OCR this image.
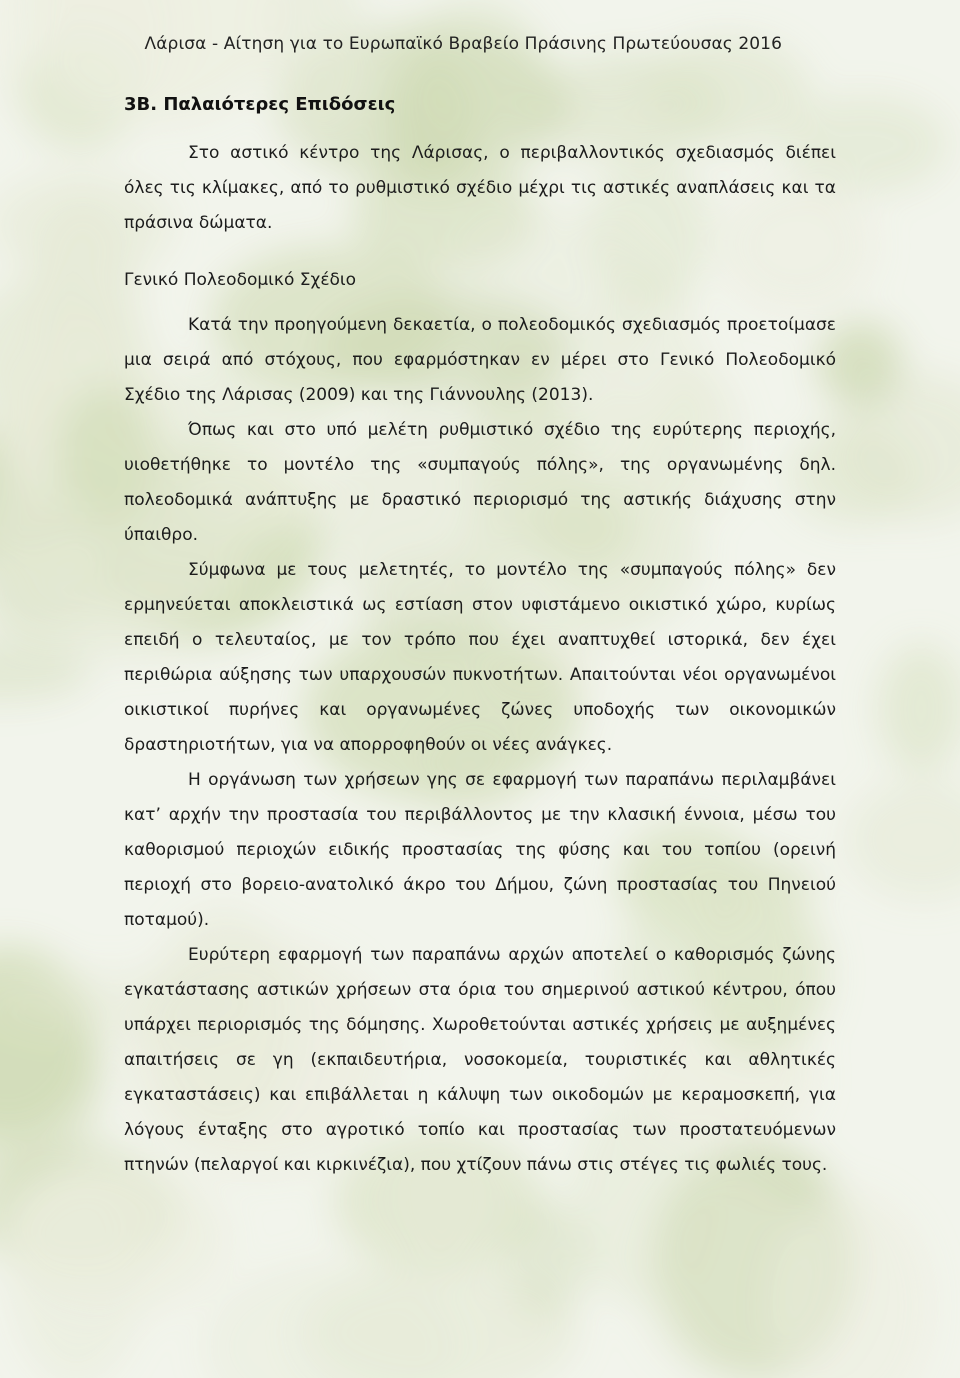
Λάρισα - Αίτηση για το Ευρωπαϊκό Βραβείο Πράσινης Πρωτεύουσας 2016
3Β. Παλαιότερες Επιδόσεις

Στο αστικό κέντρο της Λάρισας, ο περιβαλλοντικός σχεδιασμός διέπει όλες τις κλίμακες, από το ρυθμιστικό σχέδιο μέχρι τις αστικές αναπλάσεις και τα πράσινα δώματα.

Γενικό Πολεοδομικό Σχέδιο

Κατά την προηγούμενη δεκαετία, ο πολεοδομικός σχεδιασμός προετοίμασε μια σειρά από στόχους, που εφαρμόστηκαν εν μέρει στο Γενικό Πολεοδομικό Σχέδιο της Λάρισας (2009) και της Γιάννουλης (2013).

Όπως και στο υπό μελέτη ρυθμιστικό σχέδιο της ευρύτερης περιοχής, υιοθετήθηκε το μοντέλο της «συμπαγούς πόλης», της οργανωμένης δηλ. πολεοδομικά ανάπτυξης με δραστικό περιορισμό της αστικής διάχυσης στην ύπαιθρο.

Σύμφωνα με τους μελετητές, το μοντέλο της «συμπαγούς πόλης» δεν ερμηνεύεται αποκλειστικά ως εστίαση στον υφιστάμενο οικιστικό χώρο, κυρίως επειδή ο τελευταίος, με τον τρόπο που έχει αναπτυχθεί ιστορικά, δεν έχει περιθώρια αύξησης των υπαρχουσών πυκνοτήτων. Απαιτούνται νέοι οργανωμένοι οικιστικοί πυρήνες και οργανωμένες ζώνες υποδοχής των οικονομικών δραστηριοτήτων, για να απορροφηθούν οι νέες ανάγκες.

Η οργάνωση των χρήσεων γης σε εφαρμογή των παραπάνω περιλαμβάνει κατ’ αρχήν την προστασία του περιβάλλοντος με την κλασική έννοια, μέσω του καθορισμού περιοχών ειδικής προστασίας της φύσης και του τοπίου (ορεινή περιοχή στο βορειο-ανατολικό άκρο του Δήμου, ζώνη προστασίας του Πηνειού ποταμού).

Ευρύτερη εφαρμογή των παραπάνω αρχών αποτελεί ο καθορισμός ζώνης εγκατάστασης αστικών χρήσεων στα όρια του σημερινού αστικού κέντρου, όπου υπάρχει περιορισμός της δόμησης. Χωροθετούνται αστικές χρήσεις με αυξημένες απαιτήσεις σε γη (εκπαιδευτήρια, νοσοκομεία, τουριστικές και αθλητικές εγκαταστάσεις) και επιβάλλεται η κάλυψη των οικοδομών με κεραμοσκεπή, για λόγους ένταξης στο αγροτικό τοπίο και προστασίας των προστατευόμενων πτηνών (πελαργοί και κιρκινέζια), που χτίζουν πάνω στις στέγες τις φωλιές τους.
